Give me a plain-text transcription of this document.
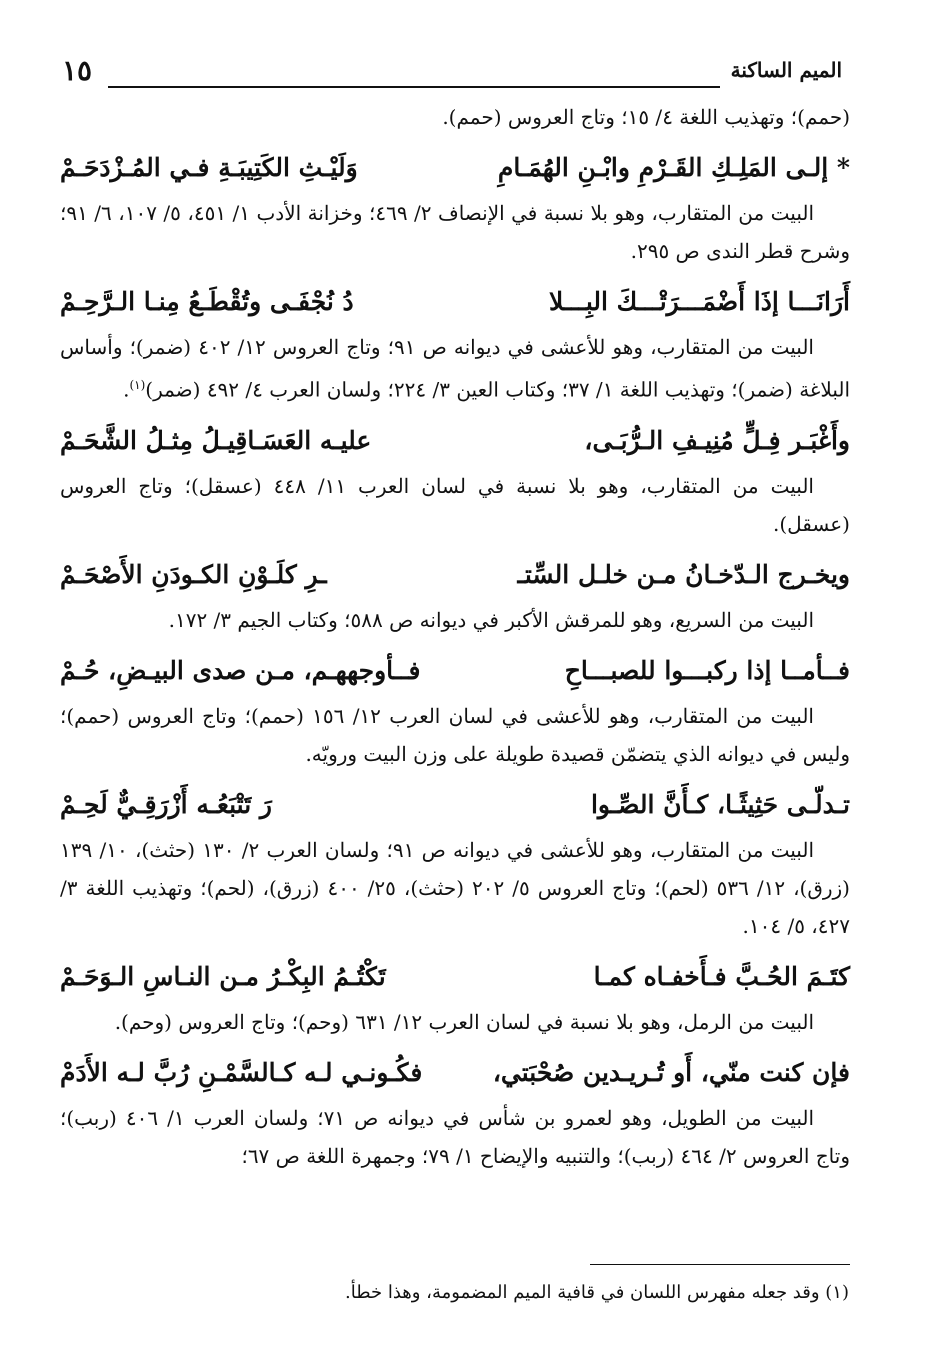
١٥	الميم الساكنة

(حمم)؛ وتهذيب اللغة ٤/ ١٥؛ وتاج العروس (حمم).

* إلـى المَلِـكِ القَـرْمِ وابْـنِ الهُمَـامِ
وَلَيْـثِ الكَتِيبَـةِ فـي المُـزْدَحَـمْ

البيت من المتقارب، وهو بلا نسبة في الإنصاف ٢/ ٤٦٩؛ وخزانة الأدب ١/ ٤٥١، ٥/ ١٠٧، ٦/ ٩١؛ وشرح قطر الندى ص ٢٩٥.

أَرَانَـــا إذَا أَضْمَـــرَتْـــكَ البِـــلا
دُ نُجْفَـى وتُقْطَـعُ مِنـا الـرَّحِـمْ

البيت من المتقارب، وهو للأعشى في ديوانه ص ٩١؛ وتاج العروس ١٢/ ٤٠٢ (ضمر)؛ وأساس البلاغة (ضمر)؛ وتهذيب اللغة ١/ ٣٧؛ وكتاب العين ٣/ ٢٢٤؛ ولسان العرب ٤/ ٤٩٢ (ضمر)$^{(١)}$.

وأَغْبَـر فِـلٍّ مُنِيـفِ الـرُّبَـى،
عليـه العَسَـاقِيـلُ مِثـلُ الشَّحَـمْ

البيت من المتقارب، وهو بلا نسبة في لسان العرب ١١/ ٤٤٨ (عسقل)؛ وتاج العروس (عسقل).

ويخـرج الـدّخـانُ مـن خلـل السِّتـ
ـرِ كلَـوْنِ الكـودَنِ الأَصْحَـمْ

البيت من السريع، وهو للمرقش الأكبر في ديوانه ص ٥٨٨؛ وكتاب الجيم ٣/ ١٧٢.

فــأمــا إذا ركبـــوا للصبـــاحِ
فــأوجههـم، مـن صدى البيـضِ، حُـمْ

البيت من المتقارب، وهو للأعشى في لسان العرب ١٢/ ١٥٦ (حمم)؛ وتاج العروس (حمم)؛ وليس في ديوانه الذي يتضمّن قصيدة طويلة على وزن البيت ورويّه.

تـدلّـى حَثِيثًـا، كـأَنَّ الصِّـوا
رَ تَتْبَعُـه أَزْرَقِـيٌّ لَحِـمْ

البيت من المتقارب، وهو للأعشى في ديوانه ص ٩١؛ ولسان العرب ٢/ ١٣٠ (حثث)، ١٠/ ١٣٩ (زرق)، ١٢/ ٥٣٦ (لحم)؛ وتاج العروس ٥/ ٢٠٢ (حثث)، ٢٥/ ٤٠٠ (زرق)، (لحم)؛ وتهذيب اللغة ٣/ ٤٢٧، ٥/ ١٠٤.

كتَـمَ الحُـبَّ فـأَخفـاه كمـا
تَكْتُـمُ البِكْـرُ مـن النـاسِ الـوَحَـمْ

البيت من الرمل، وهو بلا نسبة في لسان العرب ١٢/ ٦٣١ (وحم)؛ وتاج العروس (وحم).

فإن كنت منّي، أَو تُـريـدين صُحْبَتي،
فكُـونـي لـه كـالسَّمْـنِ رُبَّ لـه الأَدَمْ

البيت من الطويل، وهو لعمرو بن شأس في ديوانه ص ٧١؛ ولسان العرب ١/ ٤٠٦ (ربب)؛ وتاج العروس ٢/ ٤٦٤ (ربب)؛ والتنبيه والإيضاح ١/ ٧٩؛ وجمهرة اللغة ص ٦٧؛

(١) وقد جعله مفهرس اللسان في قافية الميم المضمومة، وهذا خطأ.
